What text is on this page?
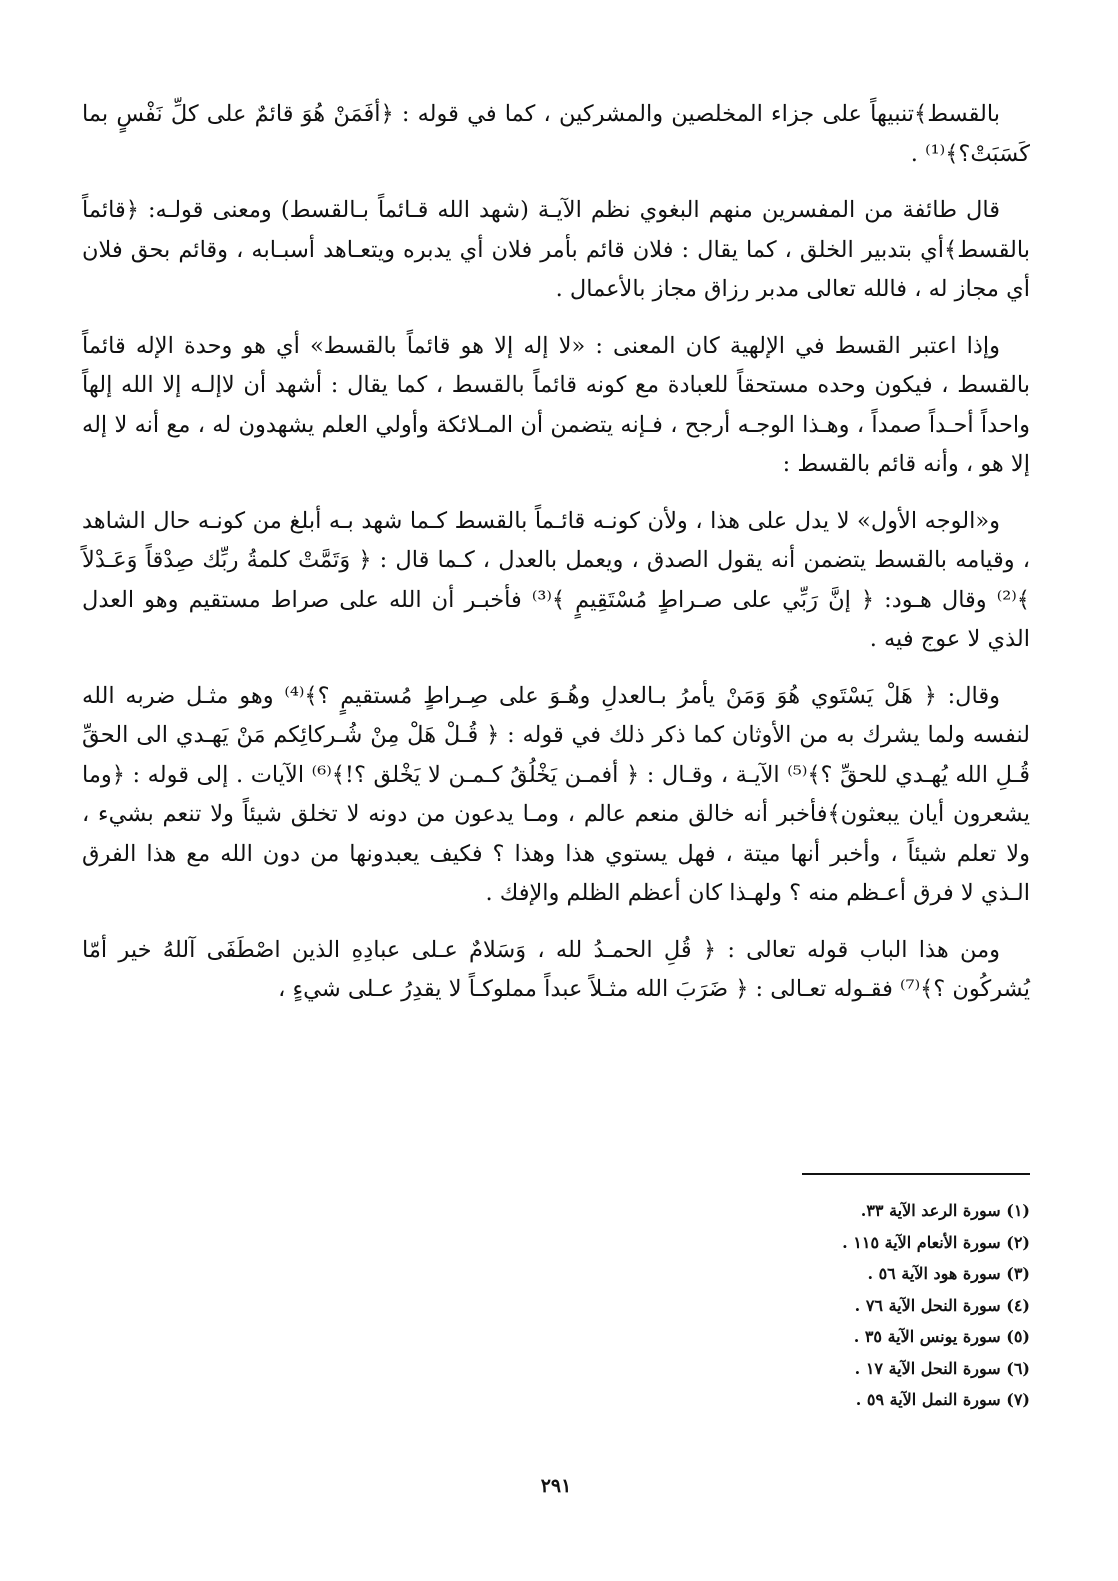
بالقسط﴾تنبيهاً على جزاء المخلصين والمشركين ، كما في قوله : ﴿أفَمَنْ هُوَ قائمٌ على كلِّ نَفْسٍ بما كَسَبَتْ؟﴾⁽¹⁾ .

قال طائفة من المفسرين منهم البغوي نظم الآيـة (شهد الله قـائماً بـالقسط) ومعنى قولـه: ﴿قائماً بالقسط﴾أي بتدبير الخلق ، كما يقال : فلان قائم بأمر فلان أي يدبره ويتعـاهد أسبـابه ، وقائم بحق فلان أي مجاز له ، فالله تعالى مدبر رزاق مجاز بالأعمال .

وإذا اعتبر القسط في الإلهية كان المعنى : «لا إله إلا هو قائماً بالقسط» أي هو وحدة الإله قائماً بالقسط ، فيكون وحده مستحقاً للعبادة مع كونه قائماً بالقسط ، كما يقال : أشهد أن لاإلـه إلا الله إلهاً واحداً أحـداً صمداً ، وهـذا الوجـه أرجح ، فـإنه يتضمن أن المـلائكة وأولي العلم يشهدون له ، مع أنه لا إله إلا هو ، وأنه قائم بالقسط :

و«الوجه الأول» لا يدل على هذا ، ولأن كونـه قائـماً بالقسط كـما شهد بـه أبلغ من كونـه حال الشاهد ، وقيامه بالقسط يتضمن أنه يقول الصدق ، ويعمل بالعدل ، كـما قال : ﴿ وَتَمَّتْ كلمةُ ربِّك صِدْقاً وَعَـدْلاً ﴾⁽²⁾ وقال هـود: ﴿ إنَّ رَبِّي على صـراطٍ مُسْتَقِيمٍ ﴾⁽³⁾ فأخبـر أن الله على صراط مستقيم وهو العدل الذي لا عوج فيه .

وقال: ﴿ هَلْ يَسْتَوي هُوَ وَمَنْ يأمرُ بـالعدلِ وهُـوَ على صِـراطٍ مُستقيمٍ ؟﴾⁽⁴⁾ وهو مثـل ضربه الله لنفسه ولما يشرك به من الأوثان كما ذكر ذلك في قوله : ﴿ قُـلْ هَلْ مِنْ شُـركائِكم مَنْ يَهـدي الى الحقِّ قُـلِ الله يُهـدي للحقِّ ؟﴾⁽⁵⁾ الآيـة ، وقـال : ﴿ أفمـن يَخْلُقُ كـمـن لا يَخْلق ؟!﴾⁽⁶⁾ الآيات . إلى قوله : ﴿وما يشعرون أيان يبعثون﴾فأخبر أنه خالق منعم عالم ، ومـا يدعون من دونه لا تخلق شيئاً ولا تنعم بشيء ، ولا تعلم شيئاً ، وأخبر أنها ميتة ، فهل يستوي هذا وهذا ؟ فكيف يعبدونها من دون الله مع هذا الفرق الـذي لا فرق أعـظم منه ؟ ولهـذا كان أعظم الظلم والإفك .

ومن هذا الباب قوله تعالى : ﴿ قُلِ الحمـدُ لله ، وَسَلامٌ عـلى عبادِهِ الذين اصْطَفَى آللهُ خير أمّا يُشركُون ؟﴾⁽⁷⁾ فقـوله تعـالى : ﴿ ضَرَبَ الله مثـلاً عبداً مملوكـاً لا يقدِرُ عـلى شيءٍ ،

(١) سورة الرعد الآية ٣٣.
(٢) سورة الأنعام الآية ١١٥ .
(٣) سورة هود الآية ٥٦ .
(٤) سورة النحل الآية ٧٦ .
(٥) سورة يونس الآية ٣٥ .
(٦) سورة النحل الآية ١٧ .
(٧) سورة النمل الآية ٥٩ .
٢٩١
